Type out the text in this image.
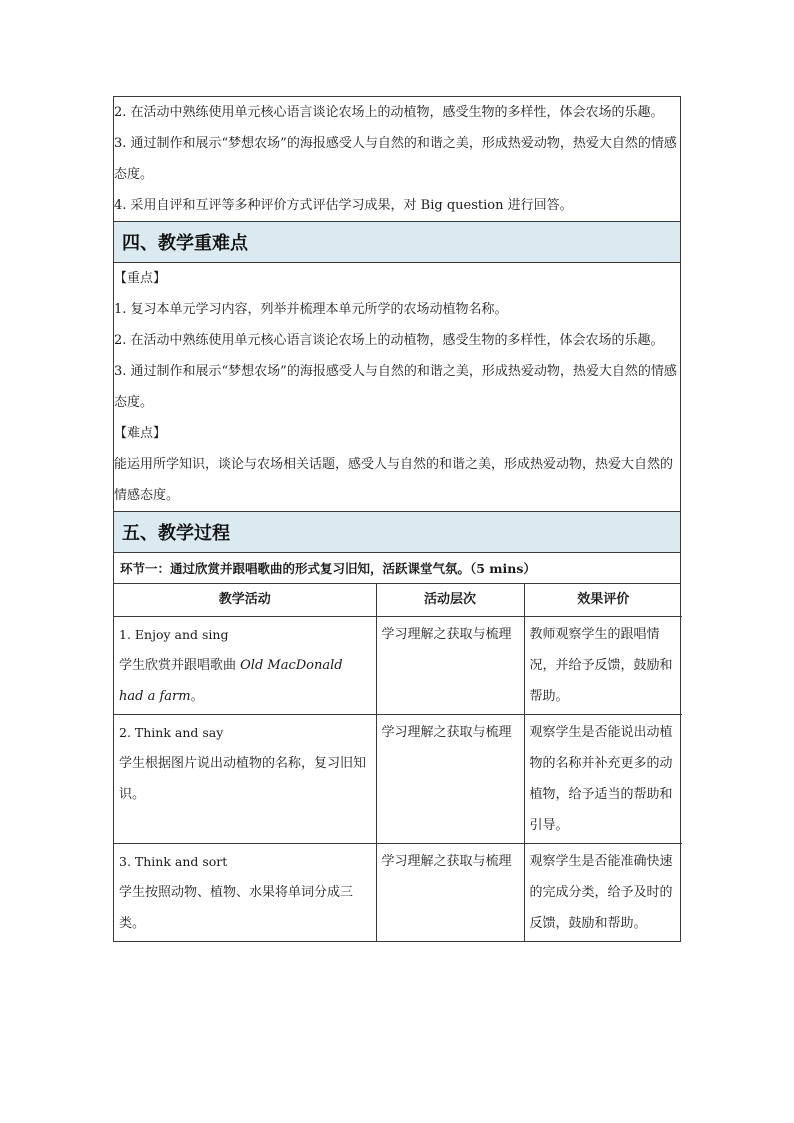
2. 在活动中熟练使用单元核心语言谈论农场上的动植物，感受生物的多样性，体会农场的乐趣。

3. 通过制作和展示“梦想农场”的海报感受人与自然的和谐之美，形成热爱动物，热爱大自然的情感态度。

4. 采用自评和互评等多种评价方式评估学习成果，对 Big question 进行回答。

四、教学重难点

【重点】

1. 复习本单元学习内容，列举并梳理本单元所学的农场动植物名称。

2. 在活动中熟练使用单元核心语言谈论农场上的动植物，感受生物的多样性，体会农场的乐趣。

3. 通过制作和展示“梦想农场”的海报感受人与自然的和谐之美，形成热爱动物，热爱大自然的情感态度。

【难点】

能运用所学知识，谈论与农场相关话题，感受人与自然的和谐之美，形成热爱动物，热爱大自然的情感态度。

五、教学过程
环节一：通过欣赏并跟唱歌曲的形式复习旧知，活跃课堂气氛。（5 mins）

教学活动	活动层次	效果评价

1. Enjoy and sing
学生欣赏并跟唱歌曲 Old MacDonald had a farm。
	学习理解之获取与梳理	教师观察学生的跟唱情况，并给予反馈，鼓励和帮助。

2. Think and say
学生根据图片说出动植物的名称，复习旧知识。
	学习理解之获取与梳理	观察学生是否能说出动植物的名称并补充更多的动植物，给予适当的帮助和引导。

3. Think and sort
学生按照动物、植物、水果将单词分成三类。
	学习理解之获取与梳理	观察学生是否能准确快速的完成分类，给予及时的反馈，鼓励和帮助。
